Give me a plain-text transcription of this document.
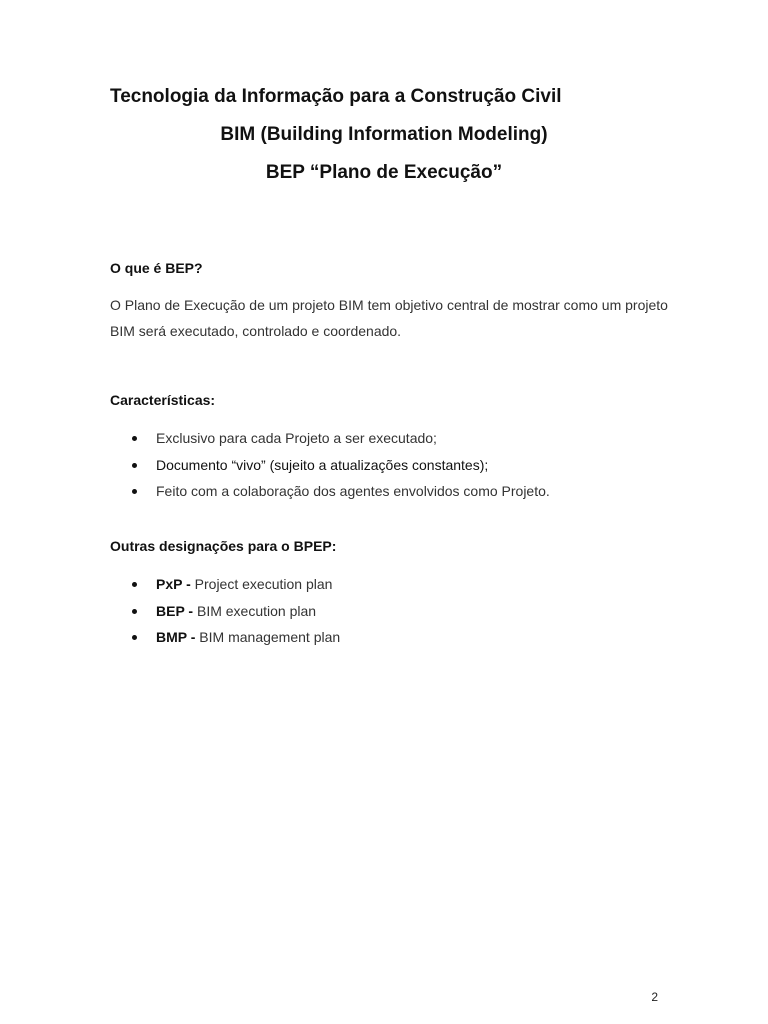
Tecnologia da Informação para a Construção Civil
BIM (Building Information Modeling)
BEP “Plano de Execução”
O que é BEP?
O Plano de Execução de um projeto BIM tem objetivo central de mostrar como um projeto BIM será executado, controlado e coordenado.
Características:
Exclusivo para cada Projeto a ser executado;
Documento “vivo” (sujeito a atualizações constantes);
Feito com a colaboração dos agentes envolvidos como Projeto.
Outras designações para o BPEP:
PxP - Project execution plan
BEP - BIM execution plan
BMP - BIM management plan
2
